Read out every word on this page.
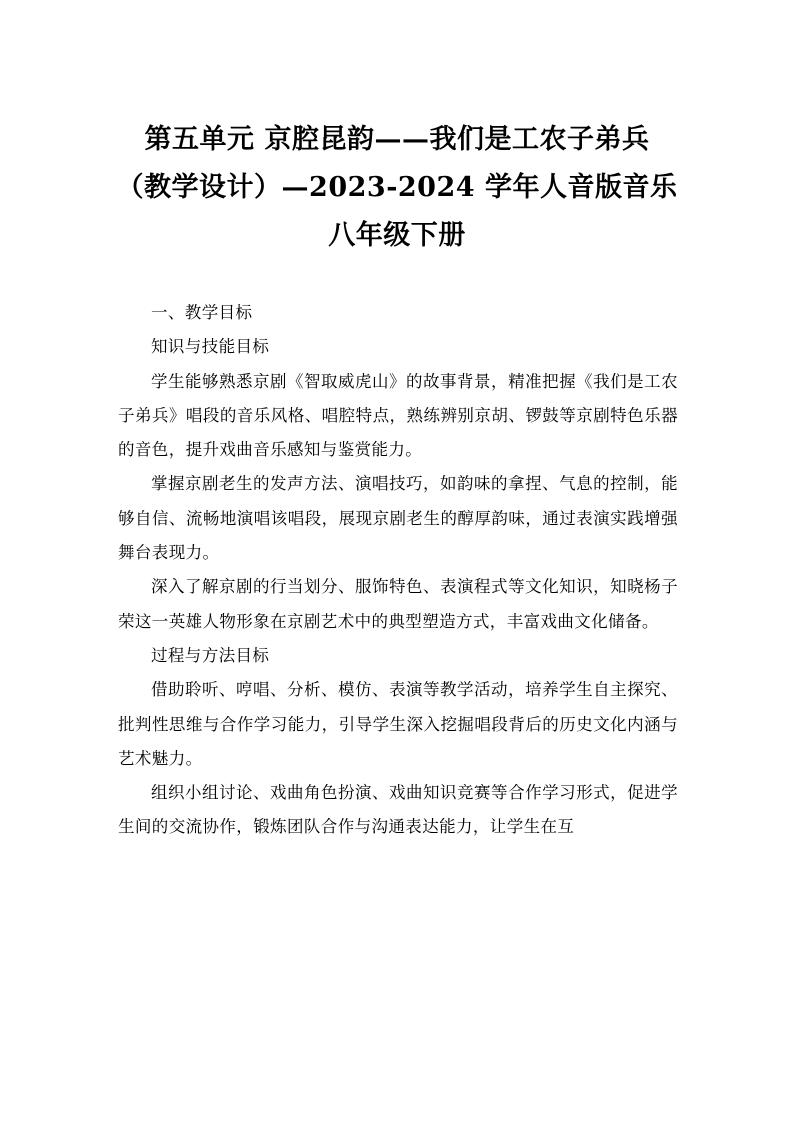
第五单元 京腔昆韵——我们是工农子弟兵
（教学设计）—2023-2024 学年人音版音乐
八年级下册

一、教学目标

知识与技能目标

学生能够熟悉京剧《智取威虎山》的故事背景，精准把握《我们是工农子弟兵》唱段的音乐风格、唱腔特点，熟练辨别京胡、锣鼓等京剧特色乐器的音色，提升戏曲音乐感知与鉴赏能力。

掌握京剧老生的发声方法、演唱技巧，如韵味的拿捏、气息的控制，能够自信、流畅地演唱该唱段，展现京剧老生的醇厚韵味，通过表演实践增强舞台表现力。

深入了解京剧的行当划分、服饰特色、表演程式等文化知识，知晓杨子荣这一英雄人物形象在京剧艺术中的典型塑造方式，丰富戏曲文化储备。

过程与方法目标

借助聆听、哼唱、分析、模仿、表演等教学活动，培养学生自主探究、批判性思维与合作学习能力，引导学生深入挖掘唱段背后的历史文化内涵与艺术魅力。

组织小组讨论、戏曲角色扮演、戏曲知识竞赛等合作学习形式，促进学生间的交流协作，锻炼团队合作与沟通表达能力，让学生在互
